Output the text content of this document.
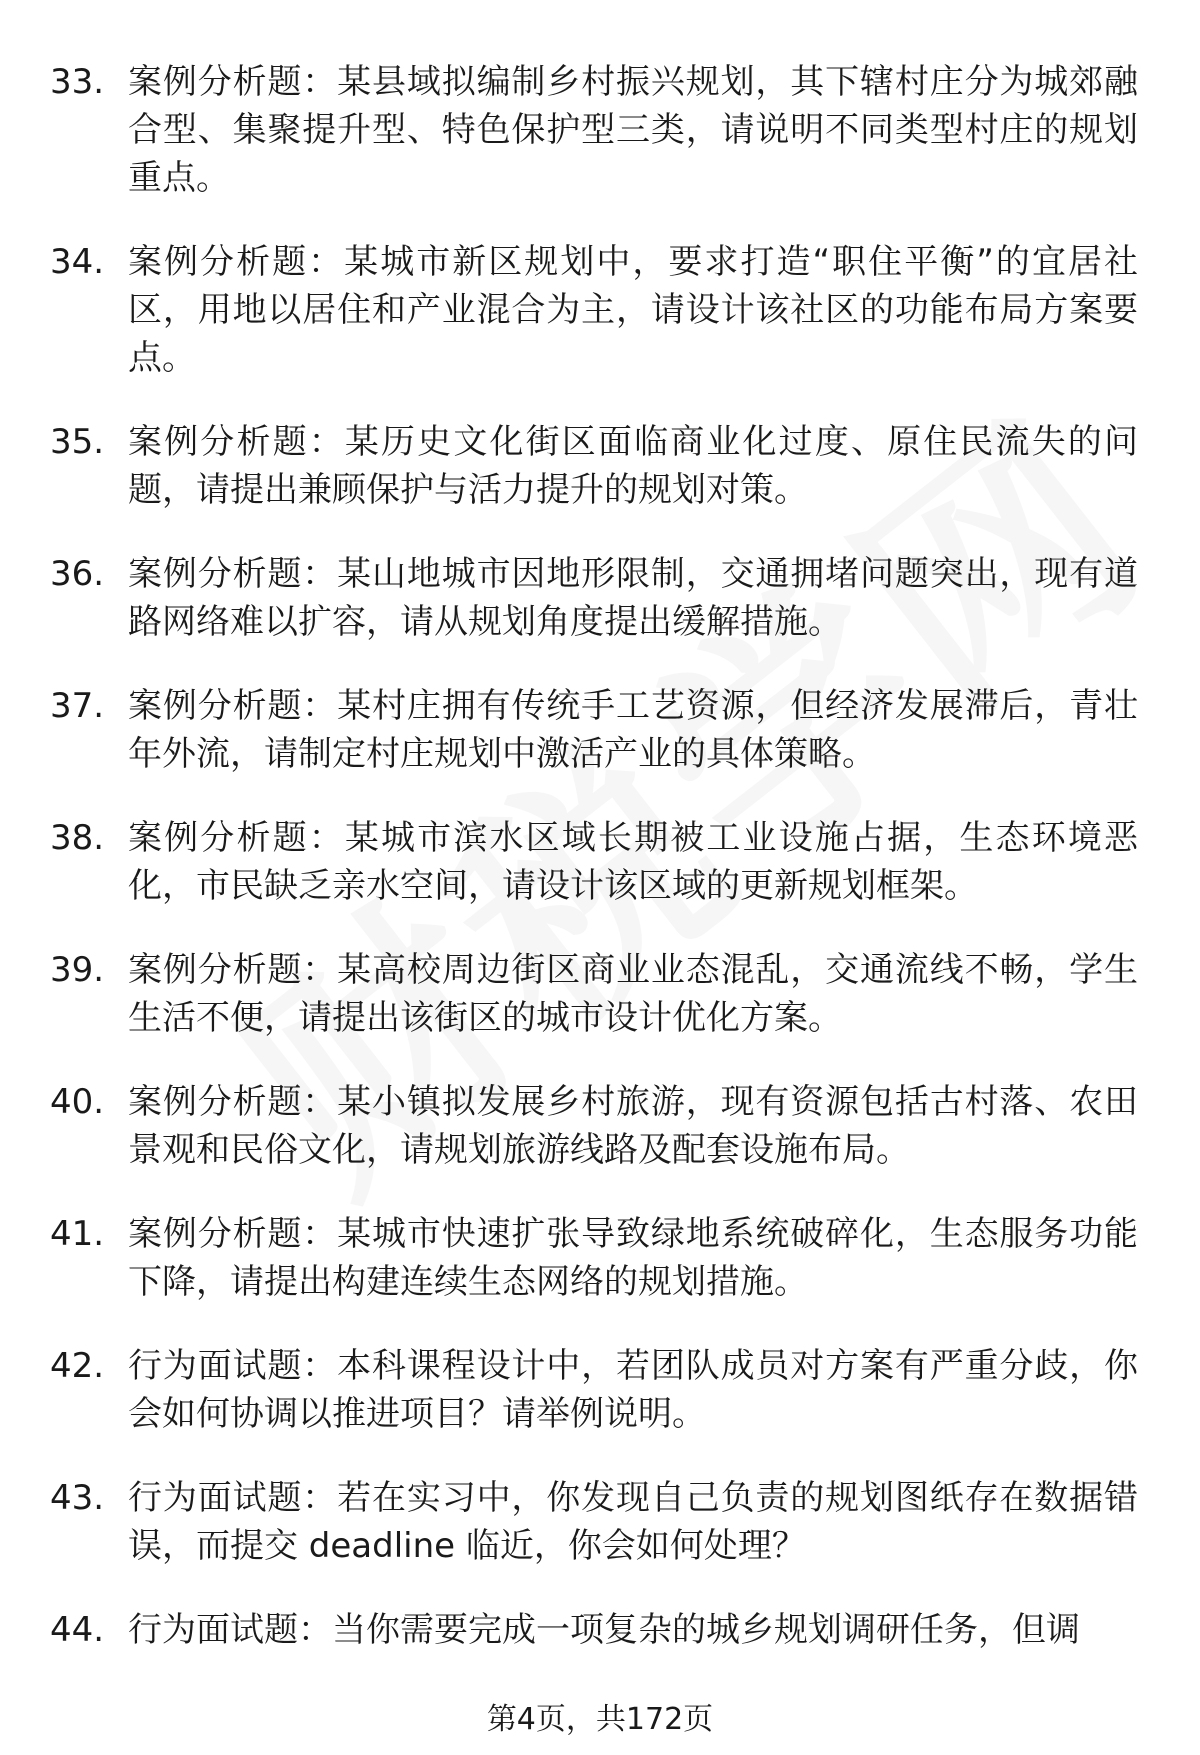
33. 案例分析题：某县域拟编制乡村振兴规划，其下辖村庄分为城郊融合型、集聚提升型、特色保护型三类，请说明不同类型村庄的规划重点。
34. 案例分析题：某城市新区规划中，要求打造“职住平衡”的宜居社区，用地以居住和产业混合为主，请设计该社区的功能布局方案要点。
35. 案例分析题：某历史文化街区面临商业化过度、原住民流失的问题，请提出兼顾保护与活力提升的规划对策。
36. 案例分析题：某山地城市因地形限制，交通拥堵问题突出，现有道路网络难以扩容，请从规划角度提出缓解措施。
37. 案例分析题：某村庄拥有传统手工艺资源，但经济发展滞后，青壮年外流，请制定村庄规划中激活产业的具体策略。
38. 案例分析题：某城市滨水区域长期被工业设施占据，生态环境恶化，市民缺乏亲水空间，请设计该区域的更新规划框架。
39. 案例分析题：某高校周边街区商业业态混乱，交通流线不畅，学生生活不便，请提出该街区的城市设计优化方案。
40. 案例分析题：某小镇拟发展乡村旅游，现有资源包括古村落、农田景观和民俗文化，请规划旅游线路及配套设施布局。
41. 案例分析题：某城市快速扩张导致绿地系统破碎化，生态服务功能下降，请提出构建连续生态网络的规划措施。
42. 行为面试题：本科课程设计中，若团队成员对方案有严重分歧，你会如何协调以推进项目？请举例说明。
43. 行为面试题：若在实习中，你发现自己负责的规划图纸存在数据错误，而提交 deadline 临近，你会如何处理？
44. 行为面试题：当你需要完成一项复杂的城乡规划调研任务，但调
第4页，共172页
